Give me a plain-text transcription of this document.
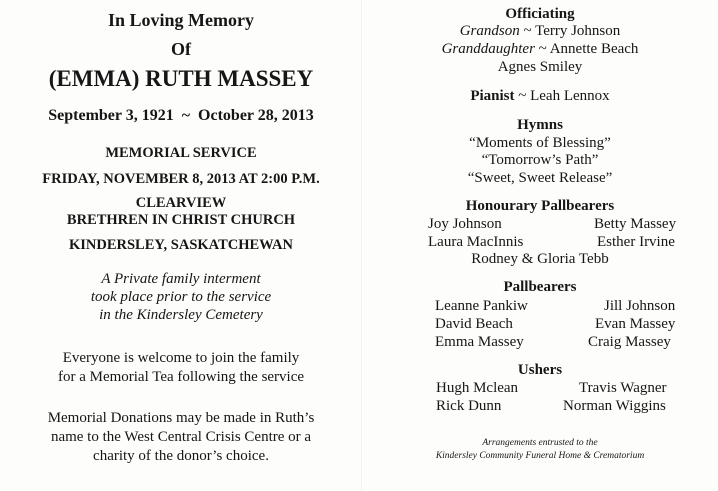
In Loving Memory
Of
(EMMA) RUTH MASSEY
September 3, 1921  ~  October 28, 2013
MEMORIAL SERVICE
FRIDAY, NOVEMBER 8, 2013 AT 2:00 P.M.
CLEARVIEW
BRETHREN IN CHRIST CHURCH
KINDERSLEY, SASKATCHEWAN
A Private family interment
took place prior to the service
in the Kindersley Cemetery
Everyone is welcome to join the family
for a Memorial Tea following the service
Memorial Donations may be made in Ruth’s
name to the West Central Crisis Centre or a
charity of the donor’s choice.
Officiating
Grandson ~ Terry Johnson
Granddaughter ~ Annette Beach
Agnes Smiley
Pianist ~ Leah Lennox
Hymns
“Moments of Blessing”
“Tomorrow’s Path”
“Sweet, Sweet Release”
Honourary Pallbearers
Joy Johnson	Betty Massey
Laura MacInnis	Esther Irvine
Rodney & Gloria Tebb
Pallbearers
Leanne Pankiw	Jill Johnson
David Beach	Evan Massey
Emma Massey	Craig Massey
Ushers
Hugh Mclean	Travis Wagner
Rick Dunn	Norman Wiggins
Arrangements entrusted to the
Kindersley Community Funeral Home & Crematorium
